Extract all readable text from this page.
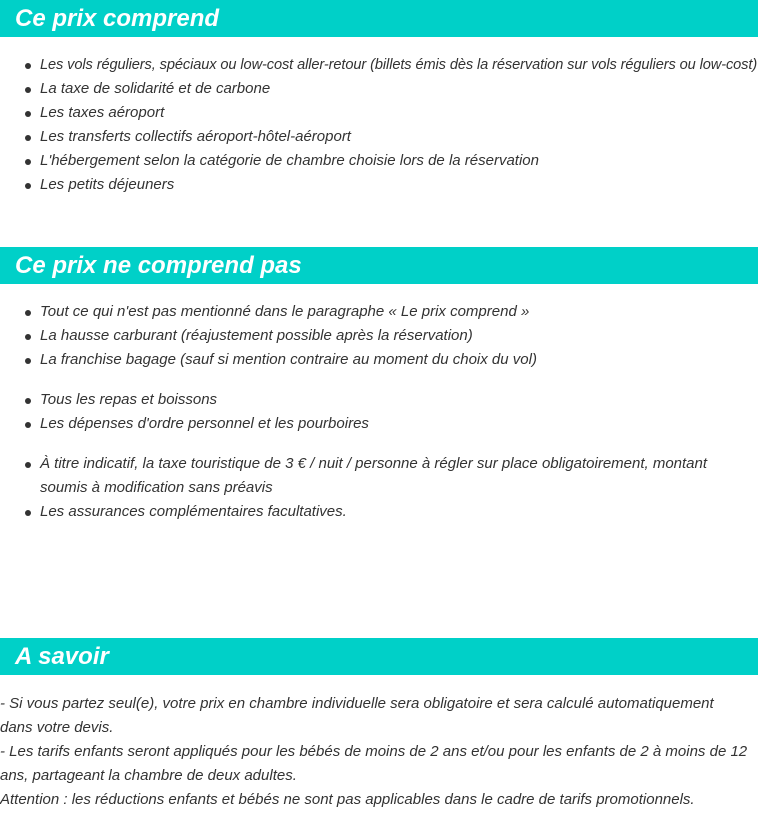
Ce prix comprend
Les vols réguliers, spéciaux ou low-cost aller-retour (billets émis dès la réservation sur vols réguliers ou low-cost)
La taxe de solidarité et de carbone
Les taxes aéroport
Les transferts collectifs aéroport-hôtel-aéroport
L'hébergement selon la catégorie de chambre choisie lors de la réservation
Les petits déjeuners
Ce prix ne comprend pas
Tout ce qui n'est pas mentionné dans le paragraphe « Le prix comprend »
La hausse carburant (réajustement possible après la réservation)
La franchise bagage (sauf si mention contraire au moment du choix du vol)
Tous les repas et boissons
Les dépenses d'ordre personnel et les pourboires
À titre indicatif, la taxe touristique de 3 € / nuit / personne à régler sur place obligatoirement, montant soumis à modification sans préavis
Les assurances complémentaires facultatives.
A savoir
- Si vous partez seul(e), votre prix en chambre individuelle sera obligatoire et sera calculé automatiquement dans votre devis.
- Les tarifs enfants seront appliqués pour les bébés de moins de 2 ans et/ou pour les enfants de 2 à moins de 12 ans, partageant la chambre de deux adultes.
Attention : les réductions enfants et bébés ne sont pas applicables dans le cadre de tarifs promotionnels.
